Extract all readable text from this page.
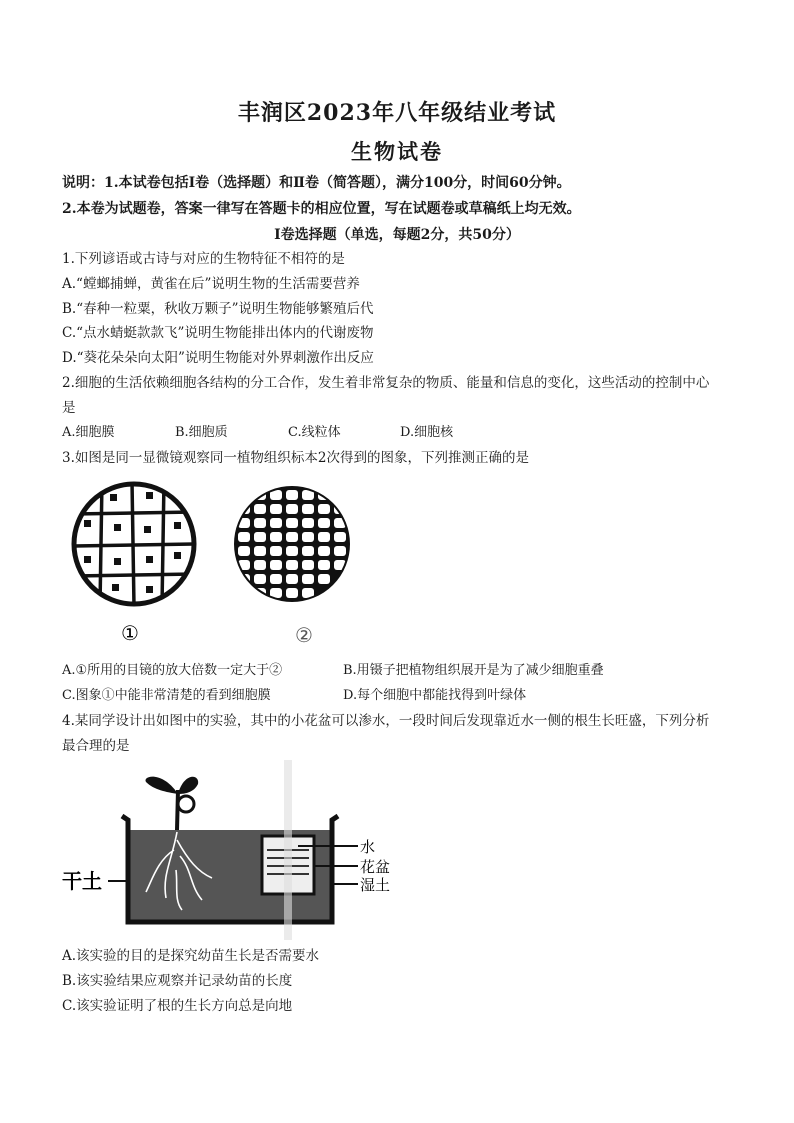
丰润区2023年八年级结业考试
生物试卷
说明：1.本试卷包括Ⅰ卷（选择题）和Ⅱ卷（简答题），满分100分，时间60分钟。
2.本卷为试题卷，答案一律写在答题卡的相应位置，写在试题卷或草稿纸上均无效。
Ⅰ卷选择题（单选，每题2分，共50分）
1.下列谚语或古诗与对应的生物特征不相符的是
A.“螳螂捕蝉，黄雀在后”说明生物的生活需要营养
B.“春种一粒粟，秋收万颗子”说明生物能够繁殖后代
C.“点水蜻蜓款款飞”说明生物能排出体内的代谢废物
D.“葵花朵朵向太阳”说明生物能对外界刺激作出反应
2.细胞的生活依赖细胞各结构的分工合作，发生着非常复杂的物质、能量和信息的变化，这些活动的控制中心
是
A.细胞膜	B.细胞质	C.线粒体	D.细胞核
3.如图是同一显微镜观察同一植物组织标本2次得到的图象，下列推测正确的是
①	②
A.①所用的目镜的放大倍数一定大于②	B.用镊子把植物组织展开是为了减少细胞重叠
C.图象①中能非常清楚的看到细胞膜	D.每个细胞中都能找得到叶绿体
4.某同学设计出如图中的实验，其中的小花盆可以渗水，一段时间后发现靠近水一侧的根生长旺盛，下列分析
最合理的是
干土
水
花盆
湿土
A.该实验的目的是探究幼苗生长是否需要水
B.该实验结果应观察并记录幼苗的长度
C.该实验证明了根的生长方向总是向地
